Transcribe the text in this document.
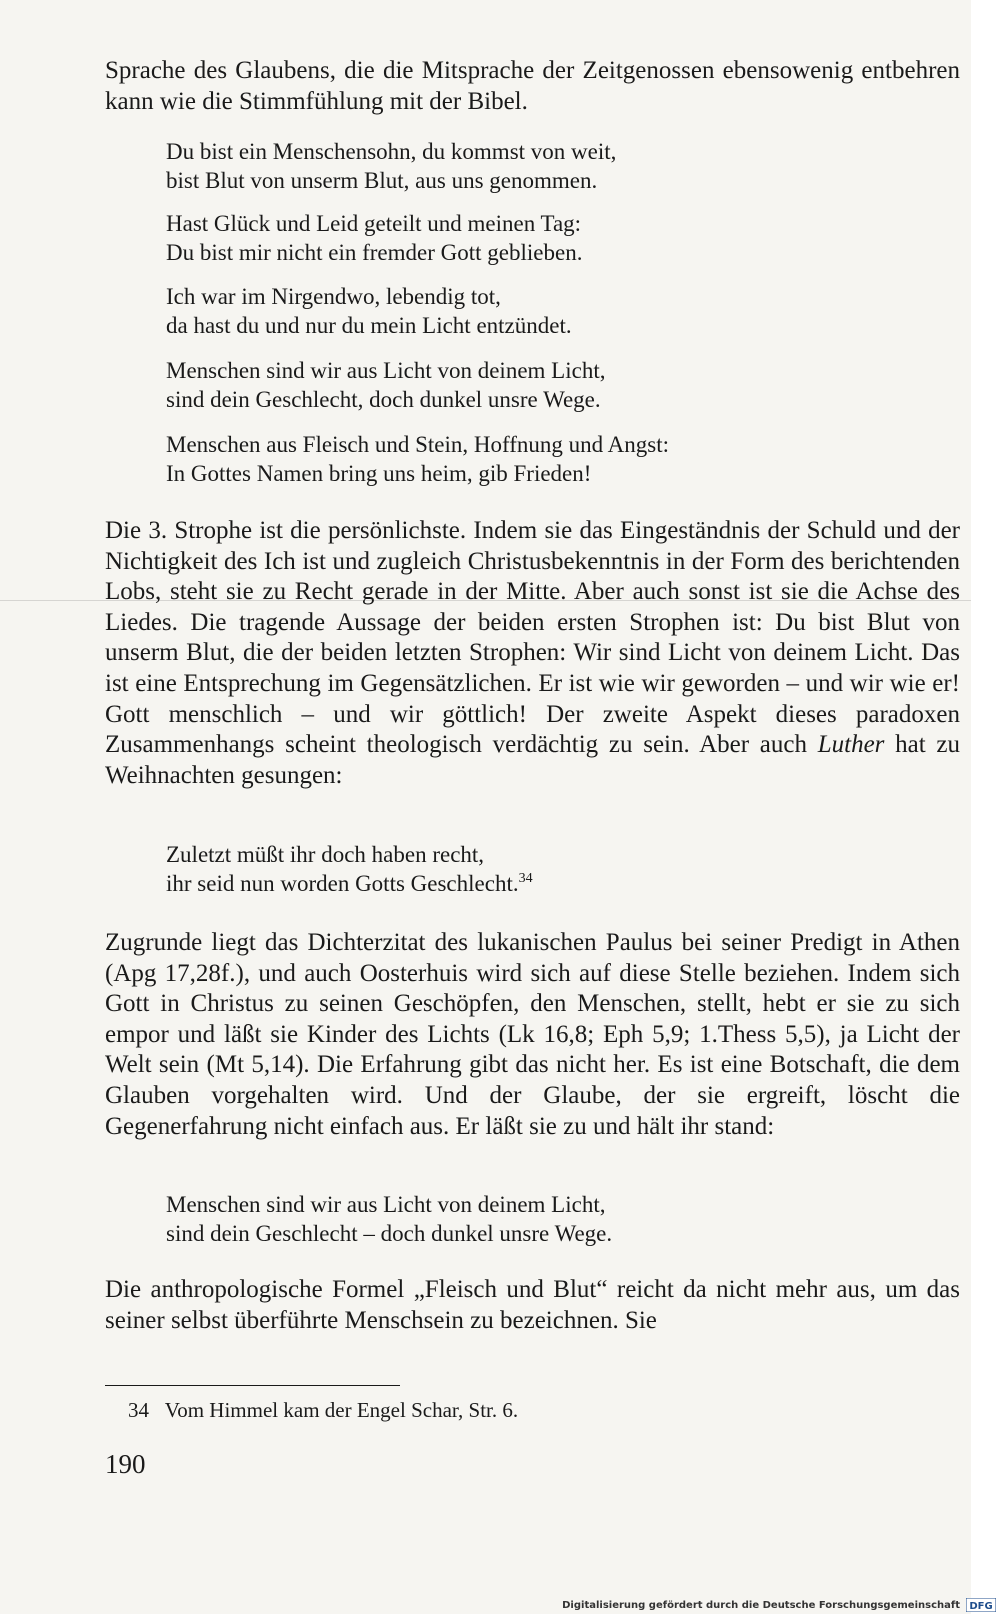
Sprache des Glaubens, die die Mitsprache der Zeitgenossen ebensowenig entbehren kann wie die Stimmfühlung mit der Bibel.

Du bist ein Menschensohn, du kommst von weit,
bist Blut von unserm Blut, aus uns genommen.
Hast Glück und Leid geteilt und meinen Tag:
Du bist mir nicht ein fremder Gott geblieben.
Ich war im Nirgendwo, lebendig tot,
da hast du und nur du mein Licht entzündet.
Menschen sind wir aus Licht von deinem Licht,
sind dein Geschlecht, doch dunkel unsre Wege.
Menschen aus Fleisch und Stein, Hoffnung und Angst:
In Gottes Namen bring uns heim, gib Frieden!

Die 3. Strophe ist die persönlichste. Indem sie das Eingeständnis der Schuld und der Nichtigkeit des Ich ist und zugleich Christusbekenntnis in der Form des berichtenden Lobs, steht sie zu Recht gerade in der Mitte. Aber auch sonst ist sie die Achse des Liedes. Die tragende Aussage der beiden ersten Strophen ist: Du bist Blut von unserm Blut, die der beiden letzten Strophen: Wir sind Licht von deinem Licht. Das ist eine Entsprechung im Gegensätzlichen. Er ist wie wir geworden – und wir wie er! Gott menschlich – und wir göttlich! Der zweite Aspekt dieses paradoxen Zusammenhangs scheint theologisch verdächtig zu sein. Aber auch Luther hat zu Weihnachten gesungen:

Zuletzt müßt ihr doch haben recht,
ihr seid nun worden Gotts Geschlecht.$^{34}$

Zugrunde liegt das Dichterzitat des lukanischen Paulus bei seiner Predigt in Athen (Apg 17,28f.), und auch Oosterhuis wird sich auf diese Stelle beziehen. Indem sich Gott in Christus zu seinen Geschöpfen, den Menschen, stellt, hebt er sie zu sich empor und läßt sie Kinder des Lichts (Lk 16,8; Eph 5,9; 1.Thess 5,5), ja Licht der Welt sein (Mt 5,14). Die Erfahrung gibt das nicht her. Es ist eine Botschaft, die dem Glauben vorgehalten wird. Und der Glaube, der sie ergreift, löscht die Gegenerfahrung nicht einfach aus. Er läßt sie zu und hält ihr stand:

Menschen sind wir aus Licht von deinem Licht,
sind dein Geschlecht – doch dunkel unsre Wege.

Die anthropologische Formel „Fleisch und Blut“ reicht da nicht mehr aus, um das seiner selbst überführte Menschsein zu bezeichnen. Sie

34 Vom Himmel kam der Engel Schar, Str. 6.
190
Digitalisierung gefördert durch die Deutsche Forschungsgemeinschaft DFG
